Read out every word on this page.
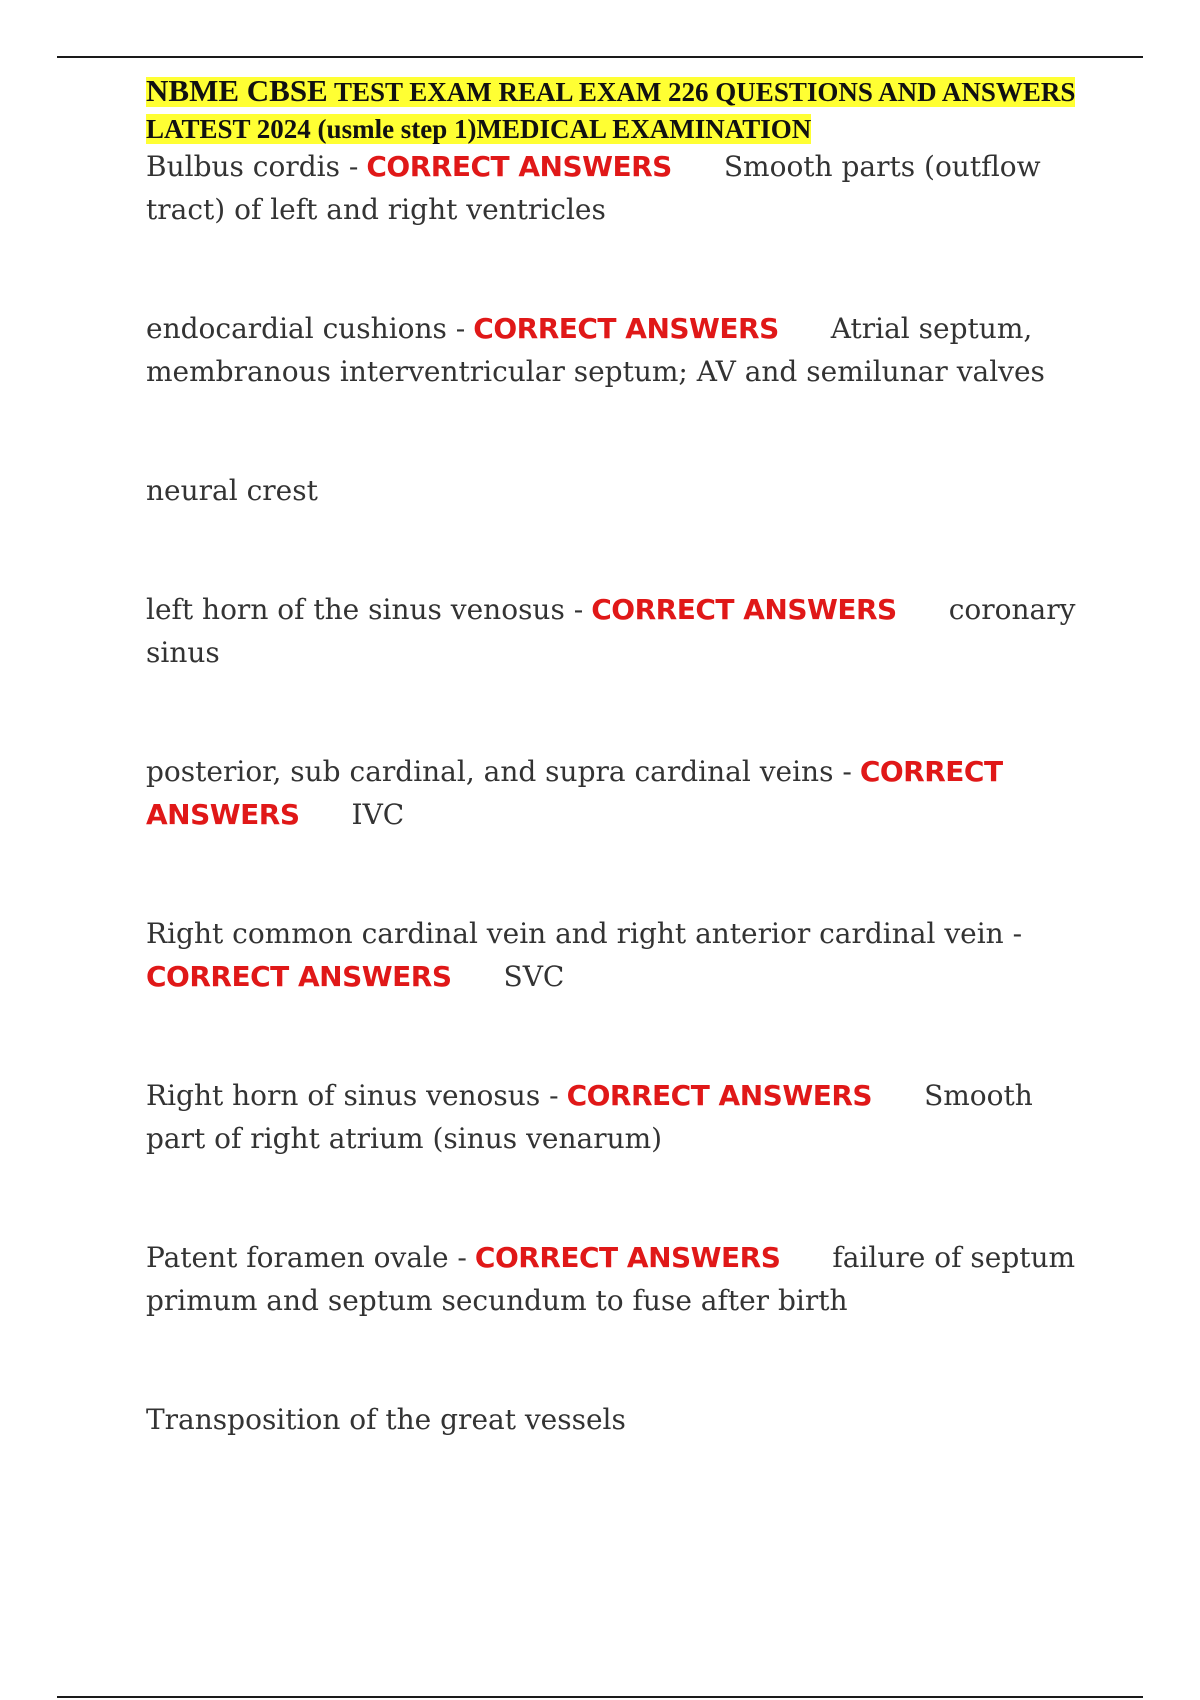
NBME CBSE TEST EXAM REAL EXAM 226 QUESTIONS AND ANSWERS LATEST 2024 (usmle step 1)MEDICAL EXAMINATION
Bulbus cordis - CORRECT ANSWERS Smooth parts (outflow tract) of left and right ventricles
endocardial cushions - CORRECT ANSWERS Atrial septum, membranous interventricular septum; AV and semilunar valves
neural crest
left horn of the sinus venosus - CORRECT ANSWERS coronary sinus
posterior, sub cardinal, and supra cardinal veins - CORRECT ANSWERS IVC
Right common cardinal vein and right anterior cardinal vein -CORRECT ANSWERS SVC
Right horn of sinus venosus - CORRECT ANSWERS Smooth part of right atrium (sinus venarum)
Patent foramen ovale - CORRECT ANSWERS failure of septum primum and septum secundum to fuse after birth
Transposition of the great vessels
